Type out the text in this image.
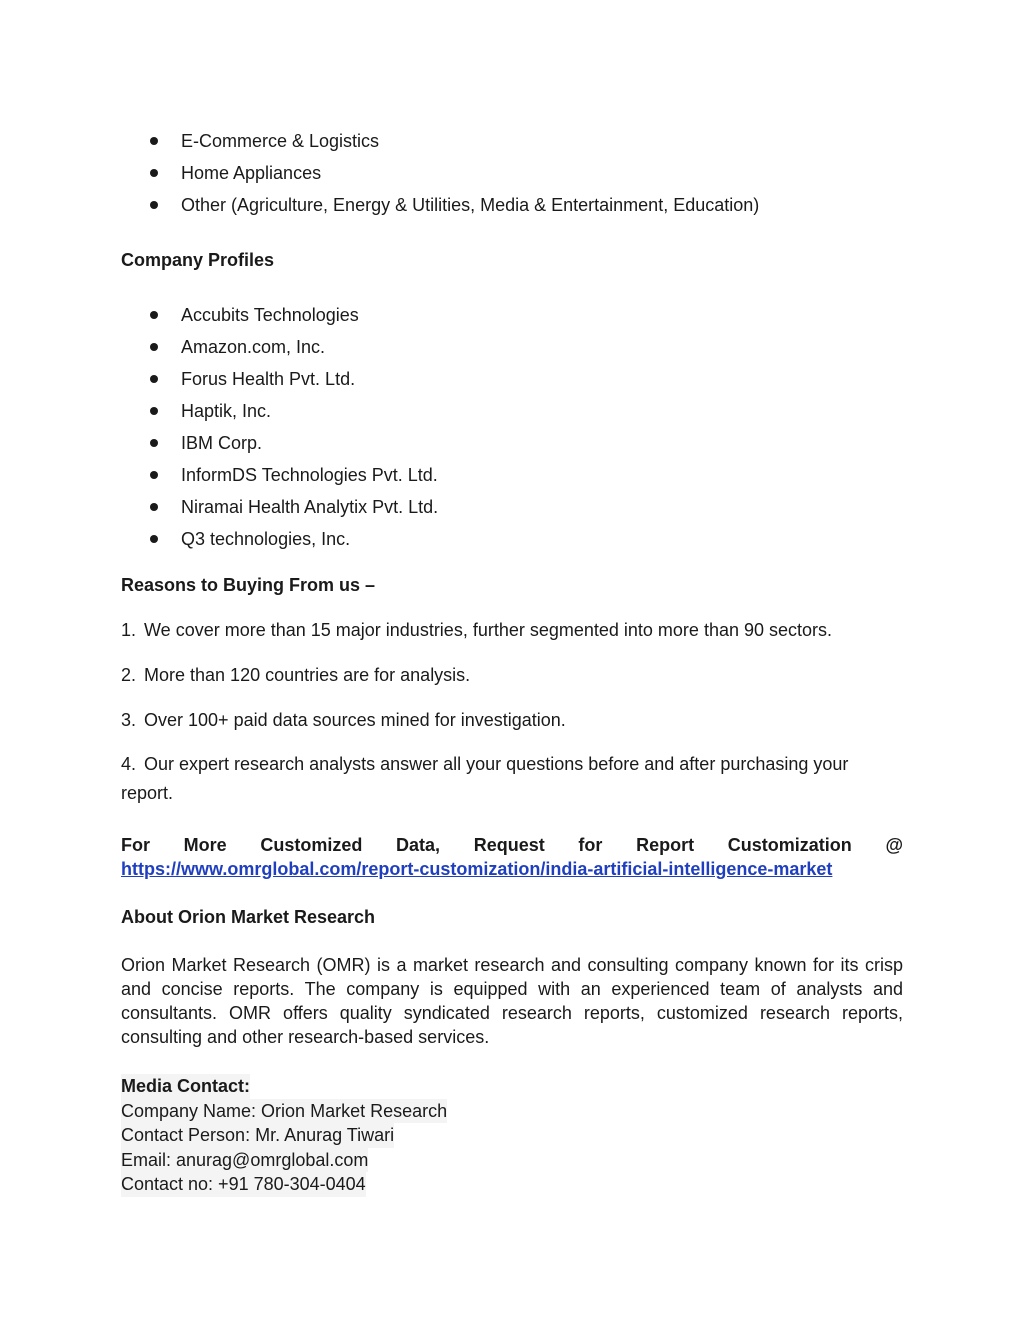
E-Commerce & Logistics
Home Appliances
Other (Agriculture, Energy & Utilities, Media & Entertainment, Education)
Company Profiles
Accubits Technologies
Amazon.com, Inc.
Forus Health Pvt. Ltd.
Haptik, Inc.
IBM Corp.
InformDS Technologies Pvt. Ltd.
Niramai Health Analytix Pvt. Ltd.
Q3 technologies, Inc.
Reasons to Buying From us –
1. We cover more than 15 major industries, further segmented into more than 90 sectors.
2. More than 120 countries are for analysis.
3. Over 100+ paid data sources mined for investigation.
4. Our expert research analysts answer all your questions before and after purchasing your report.
For More Customized Data, Request for Report Customization @
https://www.omrglobal.com/report-customization/india-artificial-intelligence-market
About Orion Market Research
Orion Market Research (OMR) is a market research and consulting company known for its crisp and concise reports. The company is equipped with an experienced team of analysts and consultants. OMR offers quality syndicated research reports, customized research reports, consulting and other research-based services.
Media Contact:
Company Name: Orion Market Research
Contact Person: Mr. Anurag Tiwari
Email: anurag@omrglobal.com
Contact no: +91 780-304-0404
